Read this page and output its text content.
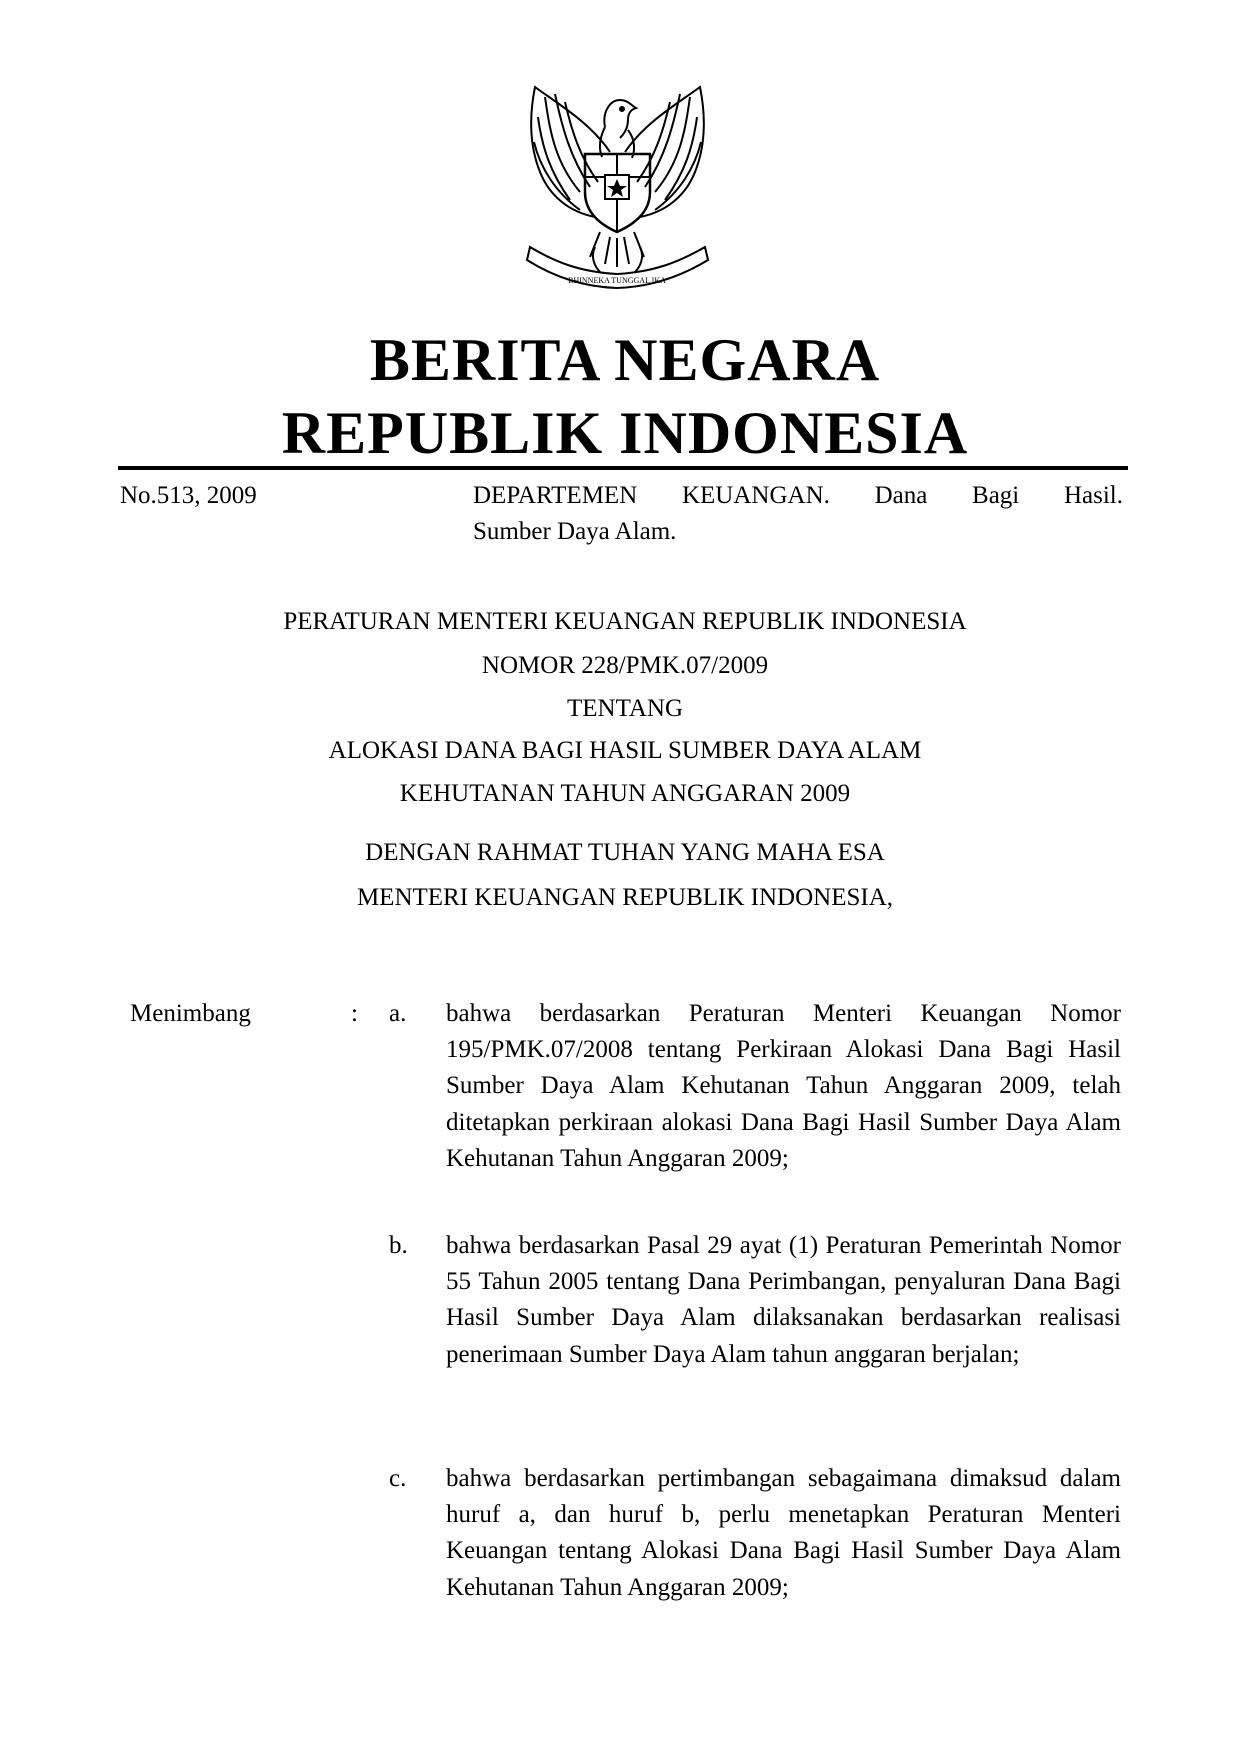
BHINNEKA TUNGGAL IKA
BERITA NEGARA
REPUBLIK INDONESIA
No.513, 2009	DEPARTEMEN KEUANGAN. Dana Bagi Hasil.
Sumber Daya Alam.
PERATURAN MENTERI KEUANGAN REPUBLIK INDONESIA
NOMOR 228/PMK.07/2009
TENTANG
ALOKASI DANA BAGI HASIL SUMBER DAYA ALAM
KEHUTANAN TAHUN ANGGARAN 2009
DENGAN RAHMAT TUHAN YANG MAHA ESA
MENTERI KEUANGAN REPUBLIK INDONESIA,
Menimbang	: a. bahwa berdasarkan Peraturan Menteri Keuangan Nomor 195/PMK.07/2008 tentang Perkiraan Alokasi Dana Bagi Hasil Sumber Daya Alam Kehutanan Tahun Anggaran 2009, telah ditetapkan perkiraan alokasi Dana Bagi Hasil Sumber Daya Alam Kehutanan Tahun Anggaran 2009;
b. bahwa berdasarkan Pasal 29 ayat (1) Peraturan Pemerintah Nomor 55 Tahun 2005 tentang Dana Perimbangan, penyaluran Dana Bagi Hasil Sumber Daya Alam dilaksanakan berdasarkan realisasi penerimaan Sumber Daya Alam tahun anggaran berjalan;
c. bahwa berdasarkan pertimbangan sebagaimana dimaksud dalam huruf a, dan huruf b, perlu menetapkan Peraturan Menteri Keuangan tentang Alokasi Dana Bagi Hasil Sumber Daya Alam Kehutanan Tahun Anggaran 2009;
